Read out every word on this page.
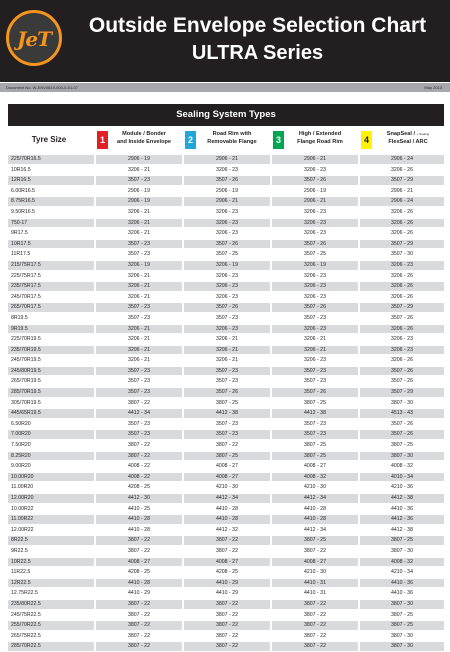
JeT
Outside Envelope Selection Chart
ULTRA Series
Document No. W-ENV0819-000-0-01-07	May 2013
Sealing System Types
Tyre Size	1
Module / Bonder
and Inside Envelope	2
Road Rim with
Removable Flange	3
High / Extended
Flange Road Rim	4
SnapSeal / + Sealing
FlexSeal / ARC
225/70R16.5	2906 - 19	2906 - 21	2906 - 21	2906 - 24
10R16.5	3206 - 21	3206 - 23	3206 - 23	3206 - 26
12R16.5	3507 - 23	3507 - 26	3507 - 26	3507 - 29
6.00R16.5	2906 - 19	2906 - 19	2906 - 19	2906 - 21
8.75R16.5	2906 - 19	2906 - 21	2906 - 21	2906 - 24
9.50R16.5	3206 - 21	3206 - 23	3206 - 23	3206 - 26
750-17	3206 - 21	3206 - 23	3206 - 23	3206 - 26
9R17.5	3206 - 21	3206 - 23	3206 - 23	3206 - 26
10R17.5	3507 - 23	3507 - 26	3507 - 26	3507 - 29
11R17.5	3507 - 23	3507 - 25	3507 - 25	3507 - 30
215/75R17.5	3206 - 19	3206 - 19	3206 - 19	3206 - 23
225/75R17.5	3206 - 21	3206 - 23	3206 - 23	3206 - 26
235/75R17.5	3206 - 21	3206 - 23	3206 - 23	3206 - 26
245/70R17.5	3206 - 21	3206 - 23	3206 - 23	3206 - 26
265/70R17.5	3507 - 23	3507 - 26	3507 - 26	3507 - 29
8R19.5	3507 - 23	3507 - 23	3507 - 23	3507 - 26
9R19.5	3206 - 21	3206 - 23	3206 - 23	3206 - 26
225/70R19.5	3206 - 21	3206 - 21	3206 - 21	3206 - 23
235/70R19.5	3206 - 21	3206 - 21	3206 - 21	3206 - 23
245/70R19.5	3206 - 21	3206 - 21	3206 - 23	3206 - 26
245/80R19.5	3507 - 23	3507 - 23	3507 - 23	3507 - 26
265/70R19.5	3507 - 23	3507 - 23	3507 - 23	3507 - 26
285/70R19.5	3507 - 23	3507 - 26	3507 - 26	3507 - 29
305/70R19.5	3807 - 22	3807 - 25	3807 - 25	3807 - 30
445/65R19.5	4412 - 34	4412 - 38	4412 - 38	4513 - 43
6.50R20	3507 - 23	3507 - 23	3507 - 23	3507 - 26
7.00R20	3507 - 23	3507 - 23	3507 - 23	3507 - 26
7.50R20	3807 - 22	3807 - 22	3807 - 25	3807 - 25
8.25R20	3807 - 22	3807 - 25	3807 - 25	3807 - 30
9.00R20	4008 - 22	4008 - 27	4008 - 27	4008 - 32
10.00R20	4008 - 22	4008 - 27	4008 - 32	4010 - 34
11.00R20	4208 - 25	4210 - 30	4210 - 30	4210 - 36
12.00R20	4412 - 30	4412 - 34	4412 - 34	4412 - 38
10.00R22	4410 - 25	4410 - 28	4410 - 28	4410 - 36
11.00R22	4410 - 28	4410 - 28	4410 - 28	4412 - 36
12.00R22	4410 - 28	4412 - 32	4412 - 34	4412 - 38
8R22.5	3807 - 22	3807 - 22	3807 - 25	3807 - 25
9R22.5	3807 - 22	3807 - 22	3807 - 22	3807 - 30
10R22.5	4008 - 27	4008 - 27	4008 - 27	4008 - 32
11R22.5	4208 - 25	4208 - 25	4210 - 30	4210 - 34
12R22.5	4410 - 28	4410 - 29	4410 - 31	4410 - 36
12.75R22.5	4410 - 29	4410 - 29	4410 - 31	4410 - 36
235/80R22.5	3807 - 22	3807 - 22	3807 - 22	3807 - 30
245/75R22.5	3807 - 22	3807 - 22	3807 - 22	3807 - 25
255/70R22.5	3807 - 22	3807 - 22	3807 - 22	3807 - 25
265/75R22.5	3807 - 22	3807 - 22	3807 - 22	3807 - 30
285/70R22.5	3807 - 22	3807 - 22	3807 - 22	3807 - 30
